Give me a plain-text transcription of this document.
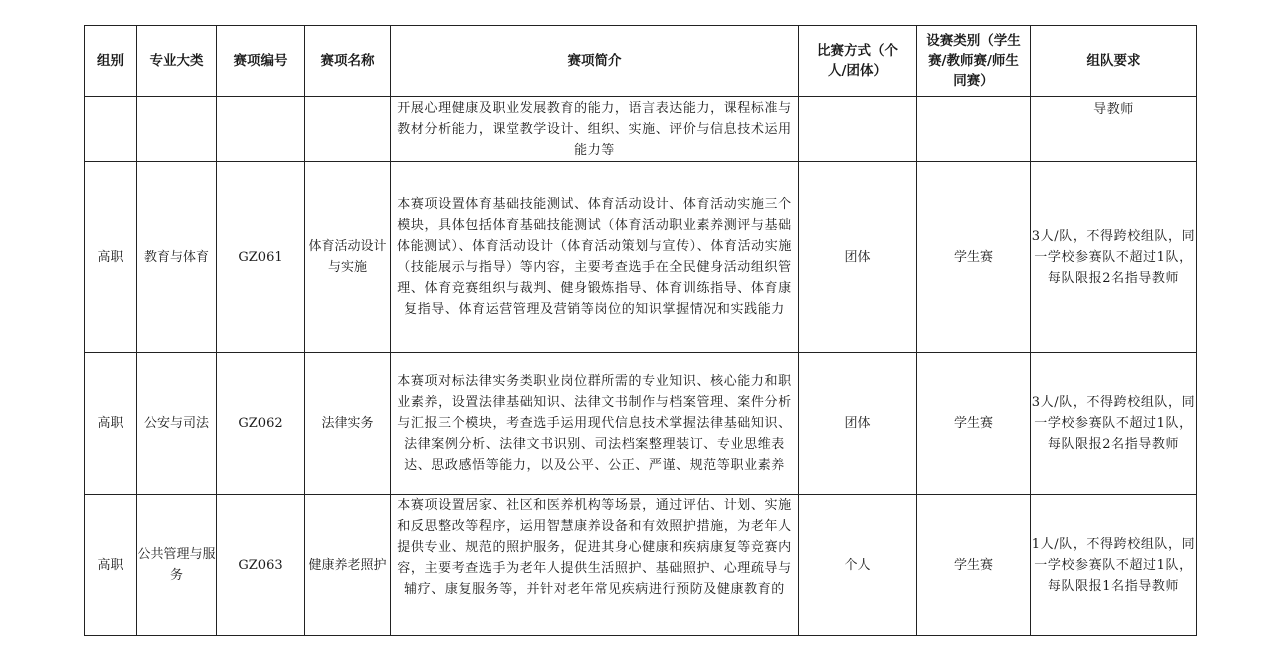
组别	专业大类	赛项编号	赛项名称	赛项简介	比赛方式（个人/团体）	设赛类别（学生赛/教师赛/师生同赛）	组队要求
				开展心理健康及职业发展教育的能力，语言表达能力，课程标准与教材分析能力，课堂教学设计、组织、实施、评价与信息技术运用能力等			导教师
高职	教育与体育	GZ061	体育活动设计与实施	本赛项设置体育基础技能测试、体育活动设计、体育活动实施三个模块，具体包括体育基础技能测试（体育活动职业素养测评与基础体能测试）、体育活动设计（体育活动策划与宣传）、体育活动实施（技能展示与指导）等内容，主要考查选手在全民健身活动组织管理、体育竞赛组织与裁判、健身锻炼指导、体育训练指导、体育康复指导、体育运营管理及营销等岗位的知识掌握情况和实践能力	团体	学生赛	3人/队，不得跨校组队，同一学校参赛队不超过1队，每队限报2名指导教师
高职	公安与司法	GZ062	法律实务	本赛项对标法律实务类职业岗位群所需的专业知识、核心能力和职业素养，设置法律基础知识、法律文书制作与档案管理、案件分析与汇报三个模块，考查选手运用现代信息技术掌握法律基础知识、法律案例分析、法律文书识别、司法档案整理装订、专业思维表达、思政感悟等能力，以及公平、公正、严谨、规范等职业素养	团体	学生赛	3人/队，不得跨校组队，同一学校参赛队不超过1队，每队限报2名指导教师
高职	公共管理与服务	GZ063	健康养老照护	本赛项设置居家、社区和医养机构等场景，通过评估、计划、实施和反思整改等程序，运用智慧康养设备和有效照护措施，为老年人提供专业、规范的照护服务，促进其身心健康和疾病康复等竞赛内容，主要考查选手为老年人提供生活照护、基础照护、心理疏导与辅疗、康复服务等，并针对老年常见疾病进行预防及健康教育的	个人	学生赛	1人/队，不得跨校组队，同一学校参赛队不超过1队，每队限报1名指导教师
